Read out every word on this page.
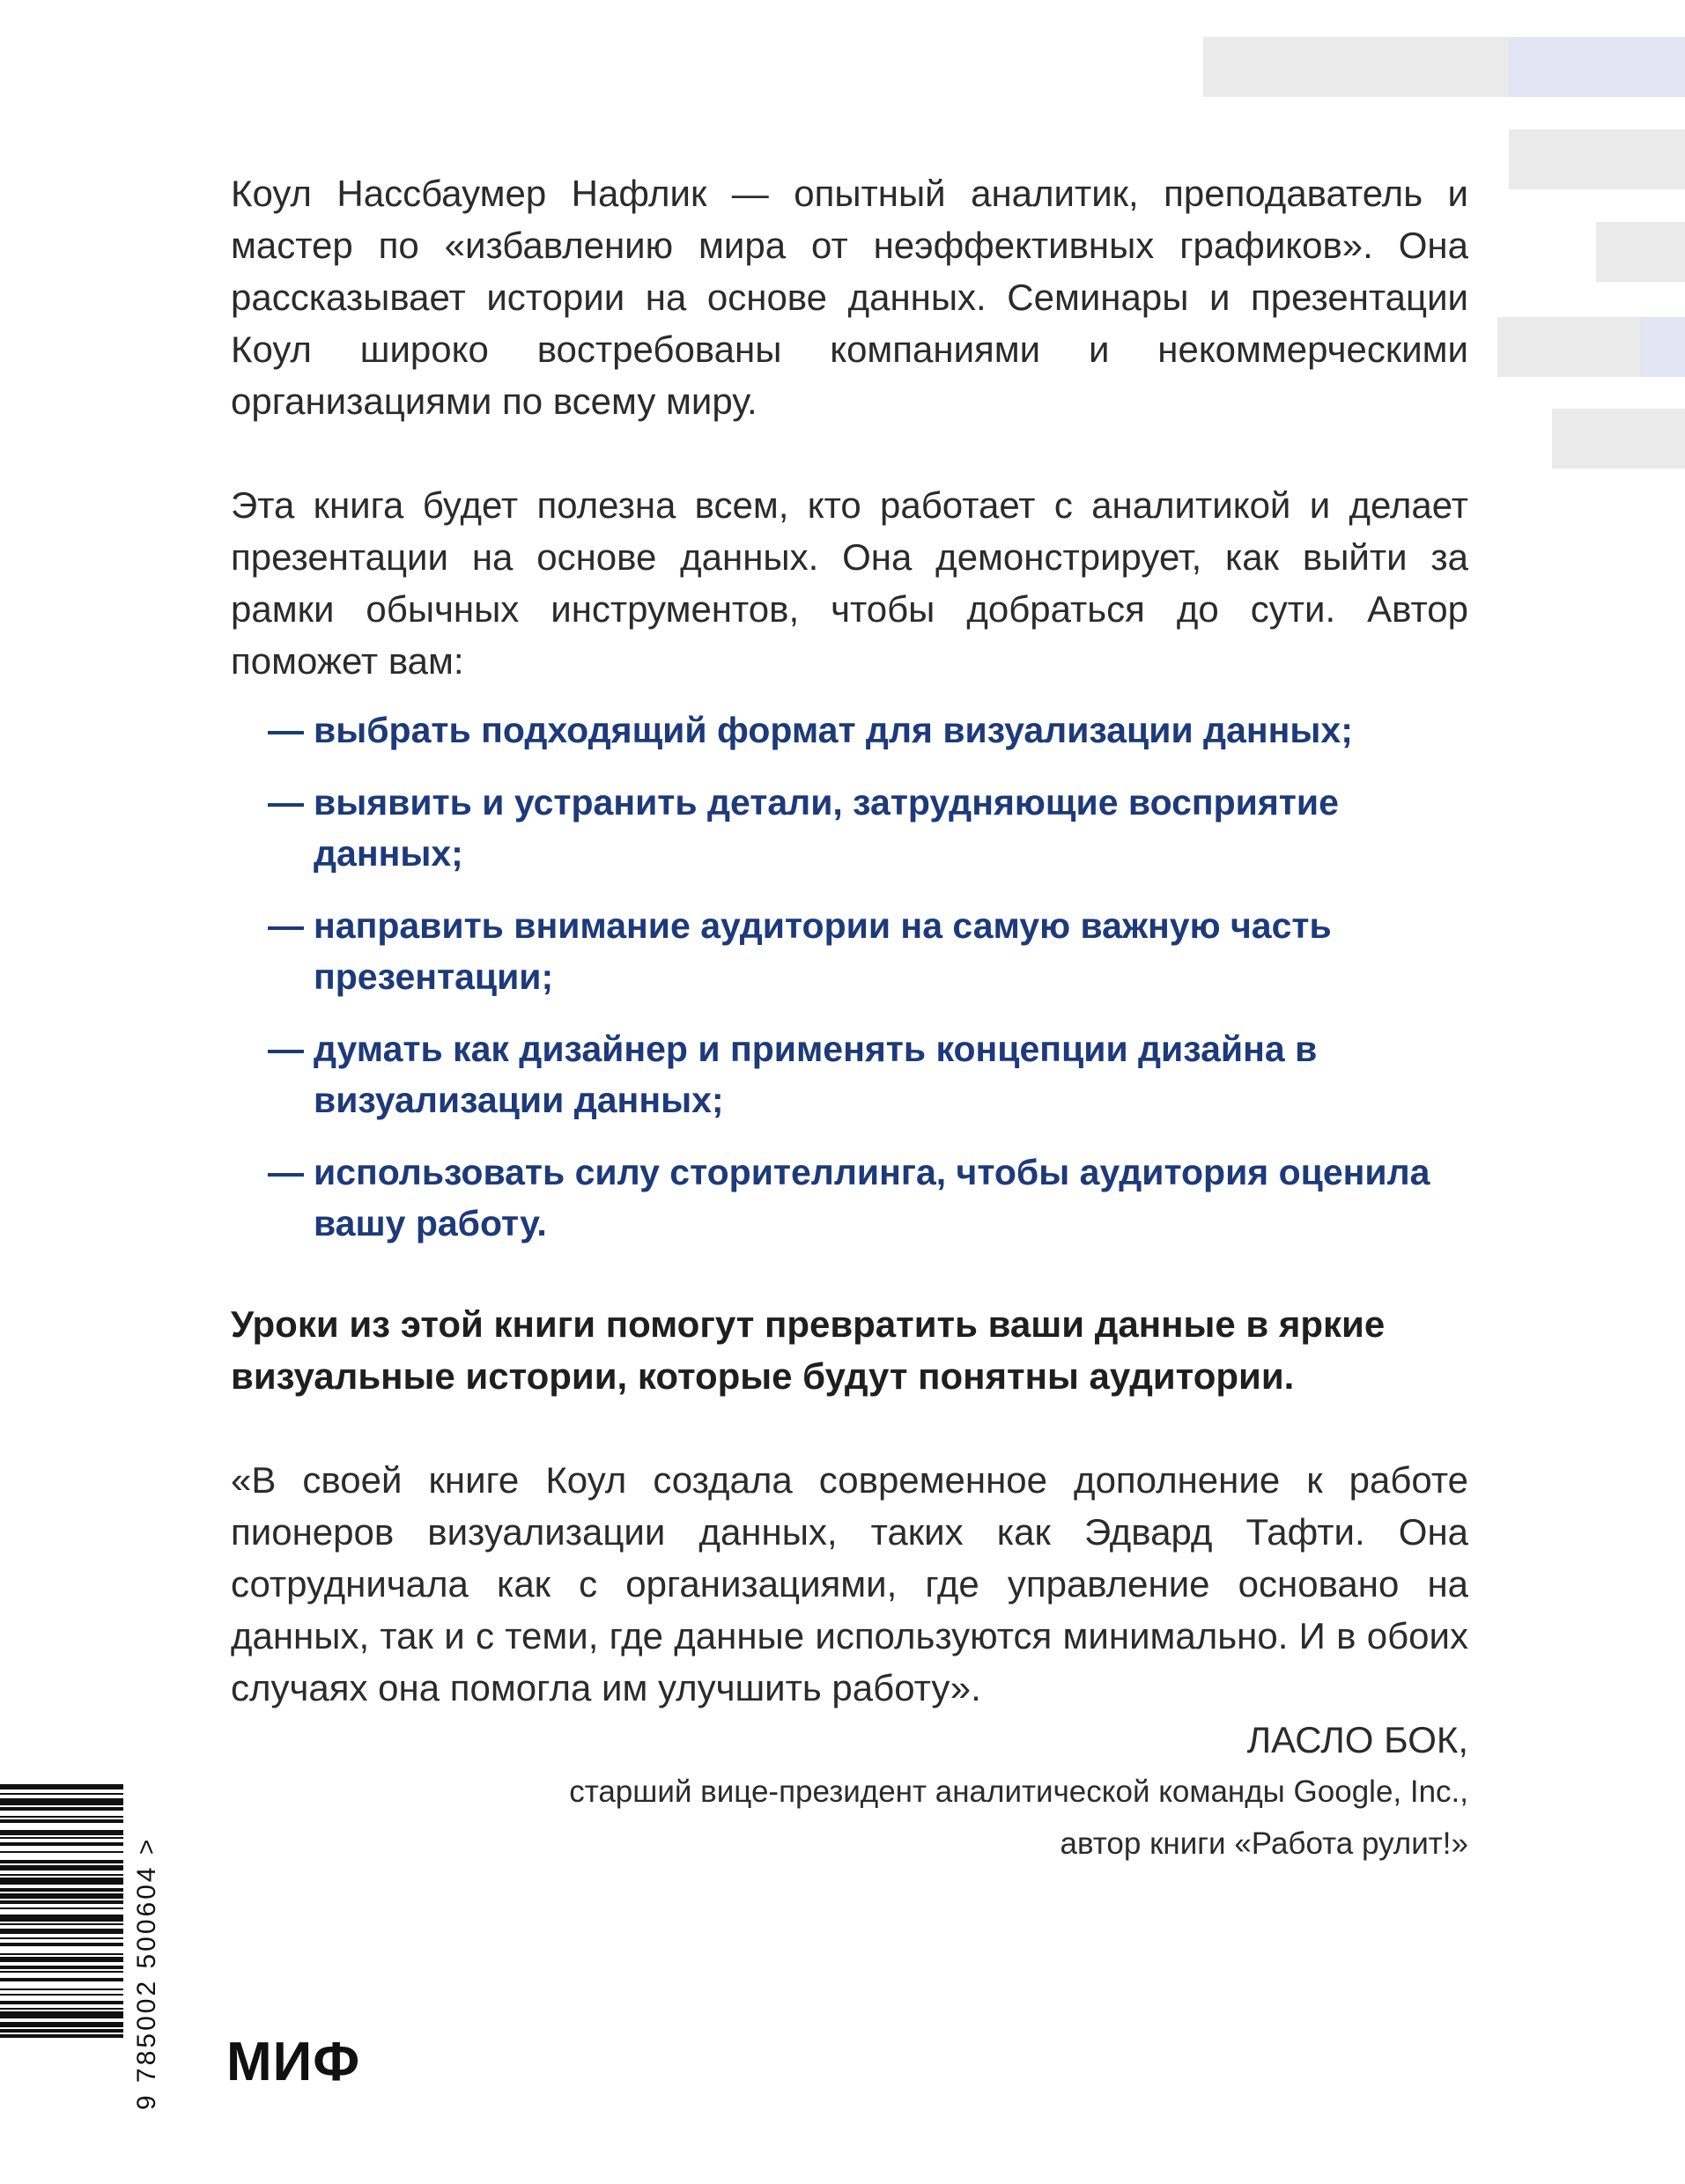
Коул Нассбаумер Нафлик — опытный аналитик, преподаватель и мастер по «избавлению мира от неэффективных графиков». Она рассказывает истории на основе данных. Семинары и презентации Коул широко востребованы компаниями и некоммерческими организациями по всему миру.

Эта книга будет полезна всем, кто работает с аналитикой и делает презентации на основе данных. Она демонстрирует, как выйти за рамки обычных инструментов, чтобы добраться до сути. Автор поможет вам:

— выбрать подходящий формат для визуализации данных;
— выявить и устранить детали, затрудняющие восприятие данных;
— направить внимание аудитории на самую важную часть презентации;
— думать как дизайнер и применять концепции дизайна в визуализации данных;
— использовать силу сторителлинга, чтобы аудитория оценила вашу работу.

Уроки из этой книги помогут превратить ваши данные в яркие визуальные истории, которые будут понятны аудитории.

«В своей книге Коул создала современное дополнение к работе пионеров визуализации данных, таких как Эдвард Тафти. Она сотрудничала как с организациями, где управление основано на данных, так и с теми, где данные используются минимально. И в обоих случаях она помогла им улучшить работу».

ЛАСЛО БОК,

старший вице-президент аналитической команды Google, Inc.,

автор книги «Работа рулит!»

9 785002 500604 > МИФ
